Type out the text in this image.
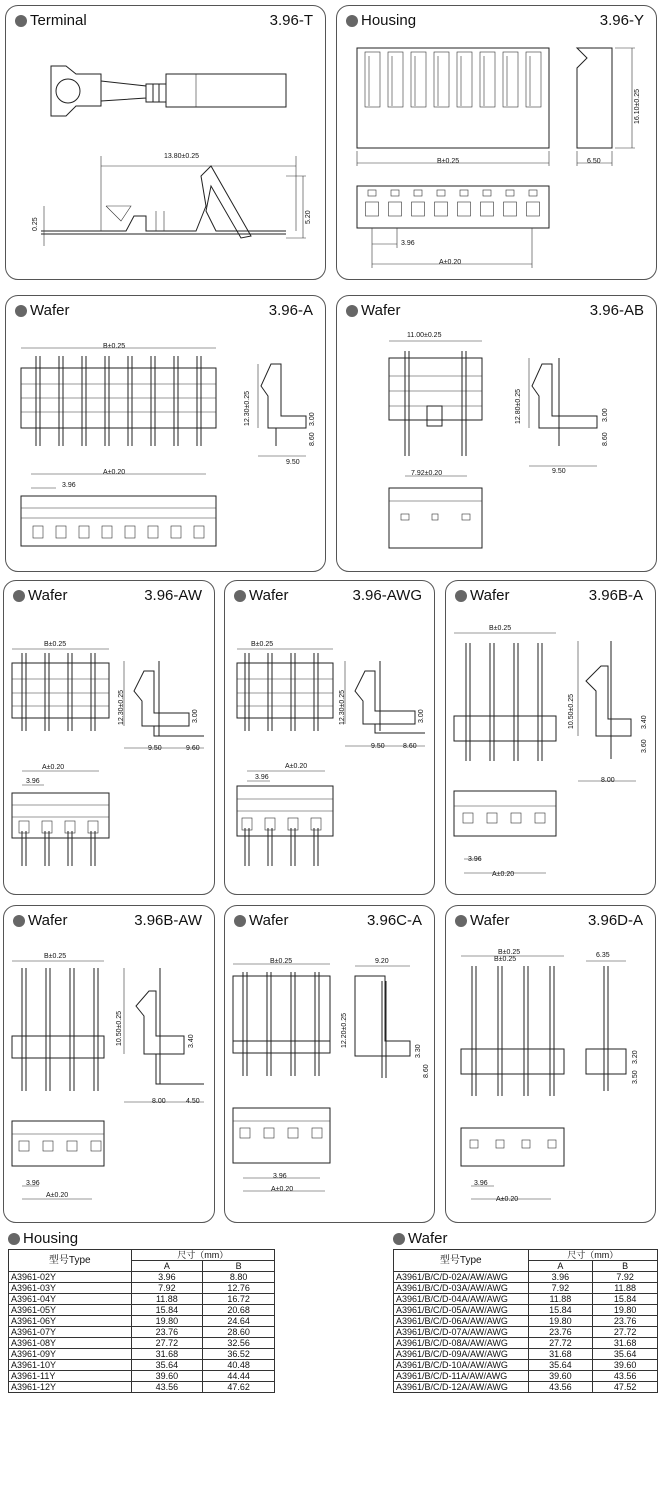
Terminal	3.96-T
13.80±0.25
5.20
0.25
Housing	3.96-Y
B±0.25
3.96
A±0.20
6.50
16.10±0.25
Wafer	3.96-A
B±0.25
A±0.20
3.96
12.30±0.25	3.00
8.60
9.50
Wafer	3.96-AB
11.00±0.25
7.92±0.20
12.80±0.25	3.00
8.60
9.50
Wafer	3.96-AW
B±0.25
A±0.20
3.96
12.30±0.25	3.00
9.50	9.60
Wafer	3.96-AWG
B±0.25
A±0.20
3.96
12.30±0.25	3.00
9.50	8.60
Wafer	3.96B-A
B±0.25
3.96
A±0.20
10.50±0.25	3.40
3.60
8.00
Wafer	3.96B-AW
B±0.25
3.96
A±0.20
10.50±0.25	3.40
8.00	4.50
Wafer	3.96C-A
B±0.25
3.96
A±0.20
9.20
12.20±0.25
3.30
8.60
Wafer	3.96D-A
B±0.25
B±0.25
3.96
A±0.20
6.35
3.20
3.50
Housing
型号Type	尺寸（mm）	
	A	B
A3961-02Y	3.96	8.80
A3961-03Y	7.92	12.76
A3961-04Y	11.88	16.72
A3961-05Y	15.84	20.68
A3961-06Y	19.80	24.64
A3961-07Y	23.76	28.60
A3961-08Y	27.72	32.56
A3961-09Y	31.68	36.52
A3961-10Y	35.64	40.48
A3961-11Y	39.60	44.44
A3961-12Y	43.56	47.62
Wafer
型号Type	尺寸（mm）	
	A	B
A3961/B/C/D-02A/AW/AWG	3.96	7.92
A3961/B/C/D-03A/AW/AWG	7.92	11.88
A3961/B/C/D-04A/AW/AWG	11.88	15.84
A3961/B/C/D-05A/AW/AWG	15.84	19.80
A3961/B/C/D-06A/AW/AWG	19.80	23.76
A3961/B/C/D-07A/AW/AWG	23.76	27.72
A3961/B/C/D-08A/AW/AWG	27.72	31.68
A3961/B/C/D-09A/AW/AWG	31.68	35.64
A3961/B/C/D-10A/AW/AWG	35.64	39.60
A3961/B/C/D-11A/AW/AWG	39.60	43.56
A3961/B/C/D-12A/AW/AWG	43.56	47.52
